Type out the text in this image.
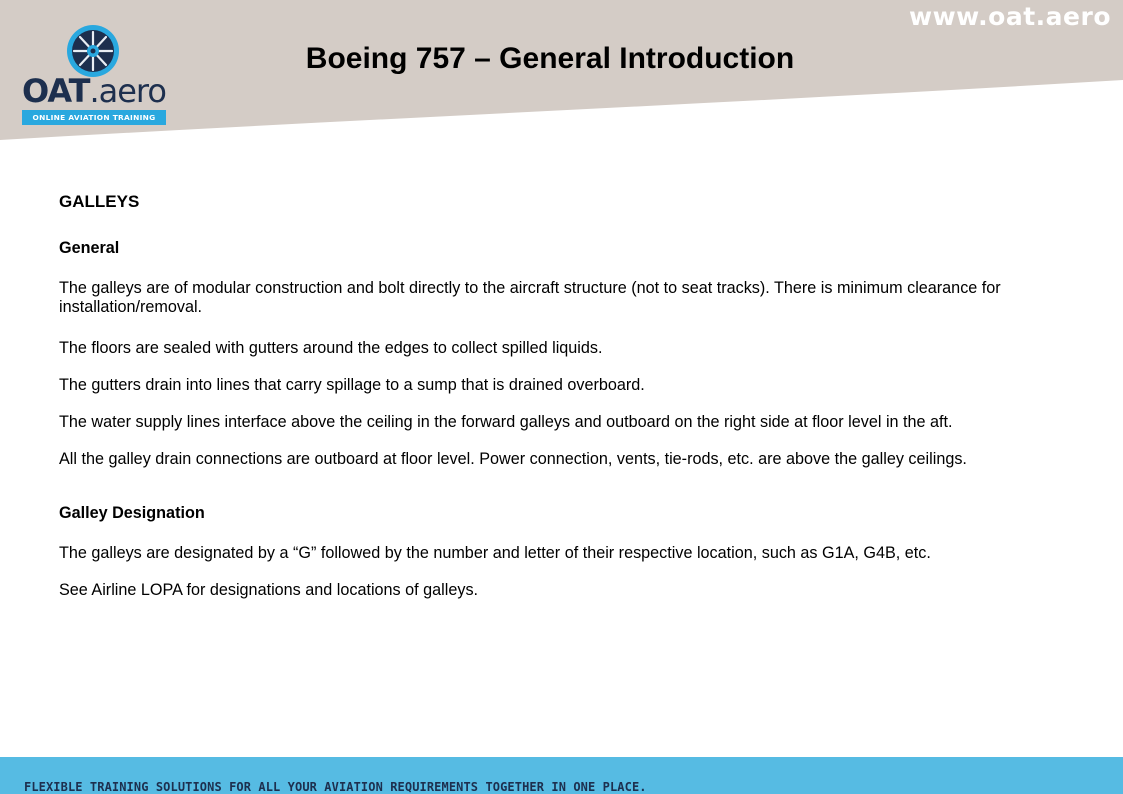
www.oat.aero
OAT.aero
ONLINE AVIATION TRAINING
Boeing 757 – General Introduction

GALLEYS

General

The galleys are of modular construction and bolt directly to the aircraft structure (not to seat tracks). There is minimum clearance for installation/removal.

The floors are sealed with gutters around the edges to collect spilled liquids.

The gutters drain into lines that carry spillage to a sump that is drained overboard.

The water supply lines interface above the ceiling in the forward galleys and outboard on the right side at floor level in the aft.

All the galley drain connections are outboard at floor level. Power connection, vents, tie-rods, etc. are above the galley ceilings.

Galley Designation

The galleys are designated by a “G” followed by the number and letter of their respective location, such as G1A, G4B, etc.

See Airline LOPA for designations and locations of galleys.

FLEXIBLE TRAINING SOLUTIONS FOR ALL YOUR AVIATION REQUIREMENTS TOGETHER IN ONE PLACE.
